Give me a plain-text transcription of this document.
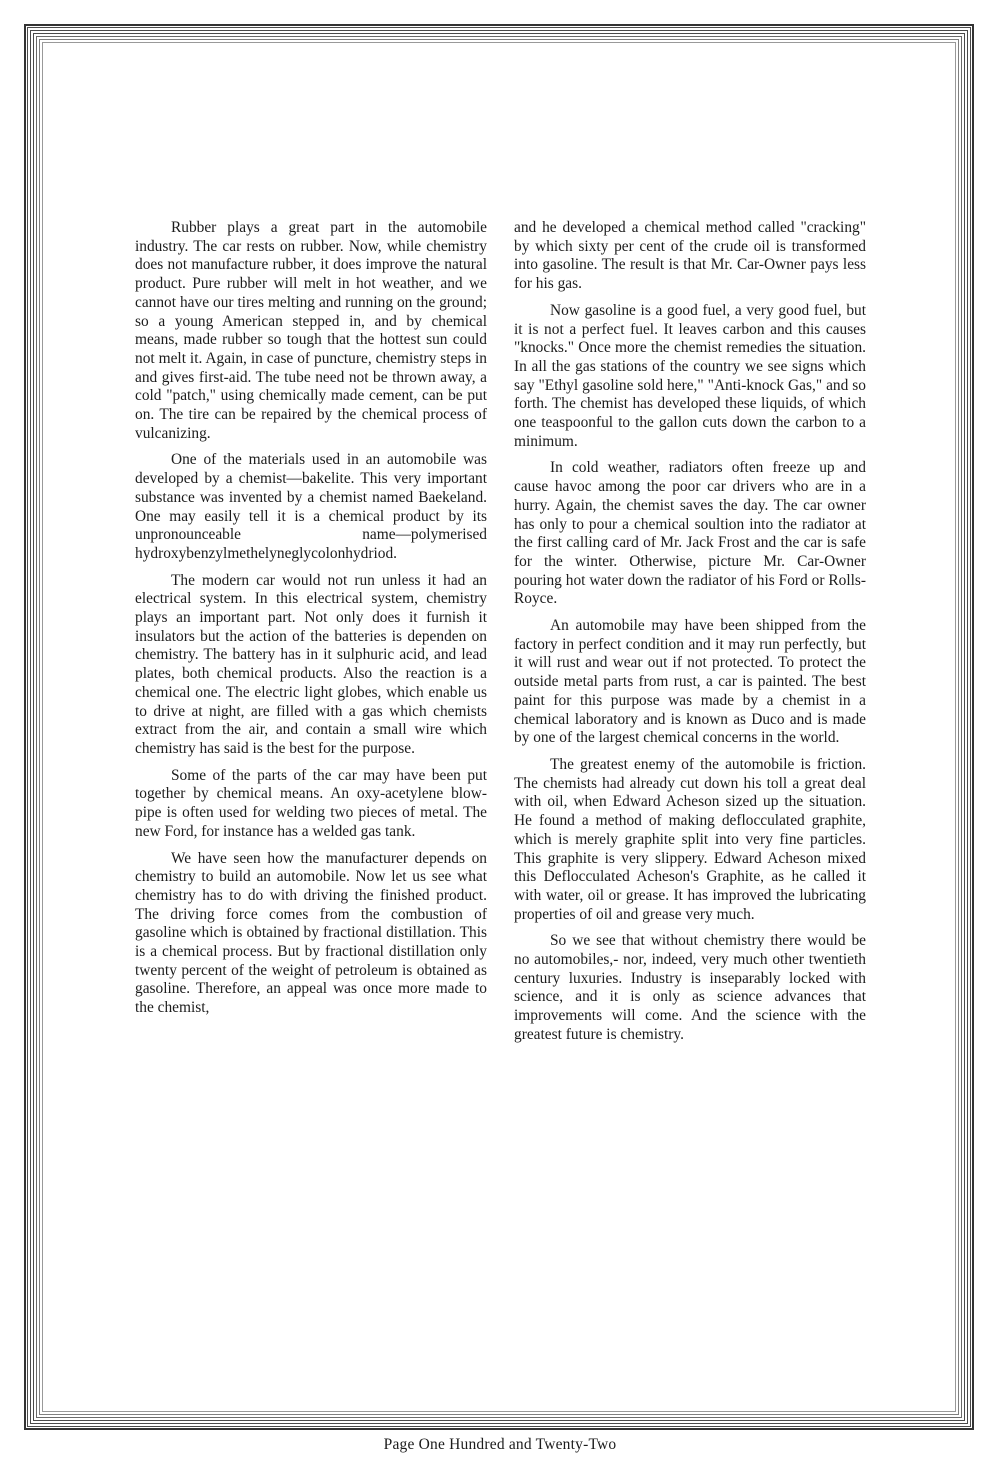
Rubber plays a great part in the automobile industry. The car rests on rubber. Now, while chemistry does not manufacture rubber, it does improve the natural product. Pure rubber will melt in hot weather, and we cannot have our tires melting and running on the ground; so a young American stepped in, and by chemical means, made rubber so tough that the hottest sun could not melt it. Again, in case of puncture, chemistry steps in and gives first-aid. The tube need not be thrown away, a cold "patch," using chemically made cement, can be put on. The tire can be repaired by the chemical process of vulcanizing.

One of the materials used in an automobile was developed by a chemist—bakelite. This very important substance was invented by a chemist named Baekeland. One may easily tell it is a chemical product by its unpronounceable name—polymerised hydroxybenzylmethelyneglycolonhydriod.

The modern car would not run unless it had an electrical system. In this electrical system, chemistry plays an important part. Not only does it furnish it insulators but the action of the batteries is dependen on chemistry. The battery has in it sulphuric acid, and lead plates, both chemical products. Also the reaction is a chemical one. The electric light globes, which enable us to drive at night, are filled with a gas which chemists extract from the air, and contain a small wire which chemistry has said is the best for the purpose.

Some of the parts of the car may have been put together by chemical means. An oxy-acetylene blow-pipe is often used for welding two pieces of metal. The new Ford, for instance has a welded gas tank.

We have seen how the manufacturer depends on chemistry to build an automobile. Now let us see what chemistry has to do with driving the finished product. The driving force comes from the combustion of gasoline which is obtained by fractional distillation. This is a chemical process. But by fractional distillation only twenty percent of the weight of petroleum is obtained as gasoline. Therefore, an appeal was once more made to the chemist,

and he developed a chemical method called "cracking" by which sixty per cent of the crude oil is transformed into gasoline. The result is that Mr. Car-Owner pays less for his gas.

Now gasoline is a good fuel, a very good fuel, but it is not a perfect fuel. It leaves carbon and this causes "knocks." Once more the chemist remedies the situation. In all the gas stations of the country we see signs which say "Ethyl gasoline sold here," "Anti-knock Gas," and so forth. The chemist has developed these liquids, of which one teaspoonful to the gallon cuts down the carbon to a minimum.

In cold weather, radiators often freeze up and cause havoc among the poor car drivers who are in a hurry. Again, the chemist saves the day. The car owner has only to pour a chemical soultion into the radiator at the first calling card of Mr. Jack Frost and the car is safe for the winter. Otherwise, picture Mr. Car-Owner pouring hot water down the radiator of his Ford or Rolls-Royce.

An automobile may have been shipped from the factory in perfect condition and it may run perfectly, but it will rust and wear out if not protected. To protect the outside metal parts from rust, a car is painted. The best paint for this purpose was made by a chemist in a chemical laboratory and is known as Duco and is made by one of the largest chemical concerns in the world.

The greatest enemy of the automobile is friction. The chemists had already cut down his toll a great deal with oil, when Edward Acheson sized up the situation. He found a method of making deflocculated graphite, which is merely graphite split into very fine particles. This graphite is very slippery. Edward Acheson mixed this Deflocculated Acheson's Graphite, as he called it with water, oil or grease. It has improved the lubricating properties of oil and grease very much.

So we see that without chemistry there would be no automobiles,- nor, indeed, very much other twentieth century luxuries. Industry is inseparably locked with science, and it is only as science advances that improvements will come. And the science with the greatest future is chemistry.

Page One Hundred and Twenty-Two
